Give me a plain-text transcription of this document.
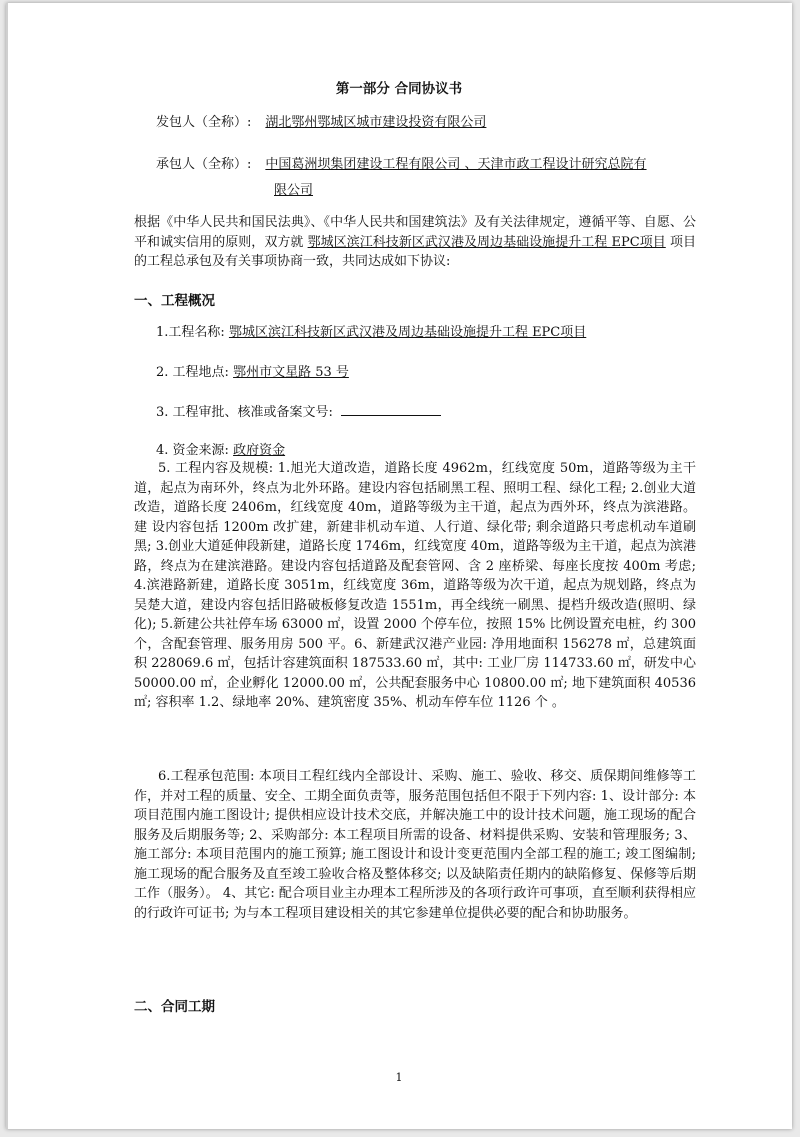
第一部分 合同协议书
发包人（全称）: 湖北鄂州鄂城区城市建设投资有限公司
承包人（全称）: 中国葛洲坝集团建设工程有限公司 、天津市政工程设计研究总院有
限公司
根据《中华人民共和国民法典》、《中华人民共和国建筑法》及有关法律规定，遵循平等、自愿、公平和诚实信用的原则，双方就 鄂城区滨江科技新区武汉港及周边基础设施提升工程 EPC项目 项目的工程总承包及有关事项协商一致，共同达成如下协议:
一、工程概况
1.工程名称: 鄂城区滨江科技新区武汉港及周边基础设施提升工程 EPC项目
2. 工程地点: 鄂州市文星路 53 号
3. 工程审批、核准或备案文号:
4. 资金来源: 政府资金
5. 工程内容及规模: 1.旭光大道改造，道路长度 4962m，红线宽度 50m，道路等级为主干道，起点为南环外，终点为北外环路。建设内容包括刷黑工程、照明工程、绿化工程; 2.创业大道 改造，道路长度 2406m，红线宽度 40m，道路等级为主干道，起点为西外环，终点为滨港路。建 设内容包括 1200m 改扩建，新建非机动车道、人行道、绿化带; 剩余道路只考虑机动车道刷黑; 3.创业大道延伸段新建，道路长度 1746m，红线宽度 40m，道路等级为主干道，起点为滨港路，终点为在建滨港路。建设内容包括道路及配套管网、含 2 座桥梁、每座长度按 400m 考虑; 4.滨港路新建，道路长度 3051m，红线宽度 36m，道路等级为次干道，起点为规划路，终点为吴楚大道，建设内容包括旧路破板修复改造 1551m，再全线统一刷黑、提档升级改造(照明、绿化); 5.新建公共社停车场 63000 ㎡，设置 2000 个停车位，按照 15% 比例设置充电桩，约 300 个，含配套管理、服务用房 500 平。6、新建武汉港产业园: 净用地面积 156278 ㎡，总建筑面积 228069.6 ㎡，包括计容建筑面积 187533.60 ㎡，其中: 工业厂房 114733.60 ㎡，研发中心 50000.00 ㎡，企业孵化 12000.00 ㎡，公共配套服务中心 10800.00 ㎡; 地下建筑面积 40536 ㎡; 容积率 1.2、绿地率 20%、建筑密度 35%、机动车停车位 1126 个 。
6.工程承包范围: 本项目工程红线内全部设计、采购、施工、验收、移交、质保期间维修等工作，并对工程的质量、安全、工期全面负责等，服务范围包括但不限于下列内容: 1、设计部分: 本项目范围内施工图设计; 提供相应设计技术交底，并解决施工中的设计技术问题，施工现场的配合服务及后期服务等; 2、采购部分: 本工程项目所需的设备、材料提供采购、安装和管理服务; 3、施工部分: 本项目范围内的施工预算; 施工图设计和设计变更范围内全部工程的施工; 竣工图编制; 施工现场的配合服务及直至竣工验收合格及整体移交; 以及缺陷责任期内的缺陷修复、保修等后期工作（服务）。 4、其它: 配合项目业主办理本工程所涉及的各项行政许可事项，直至顺利获得相应的行政许可证书; 为与本工程项目建设相关的其它参建单位提供必要的配合和协助服务。
二、合同工期
1
